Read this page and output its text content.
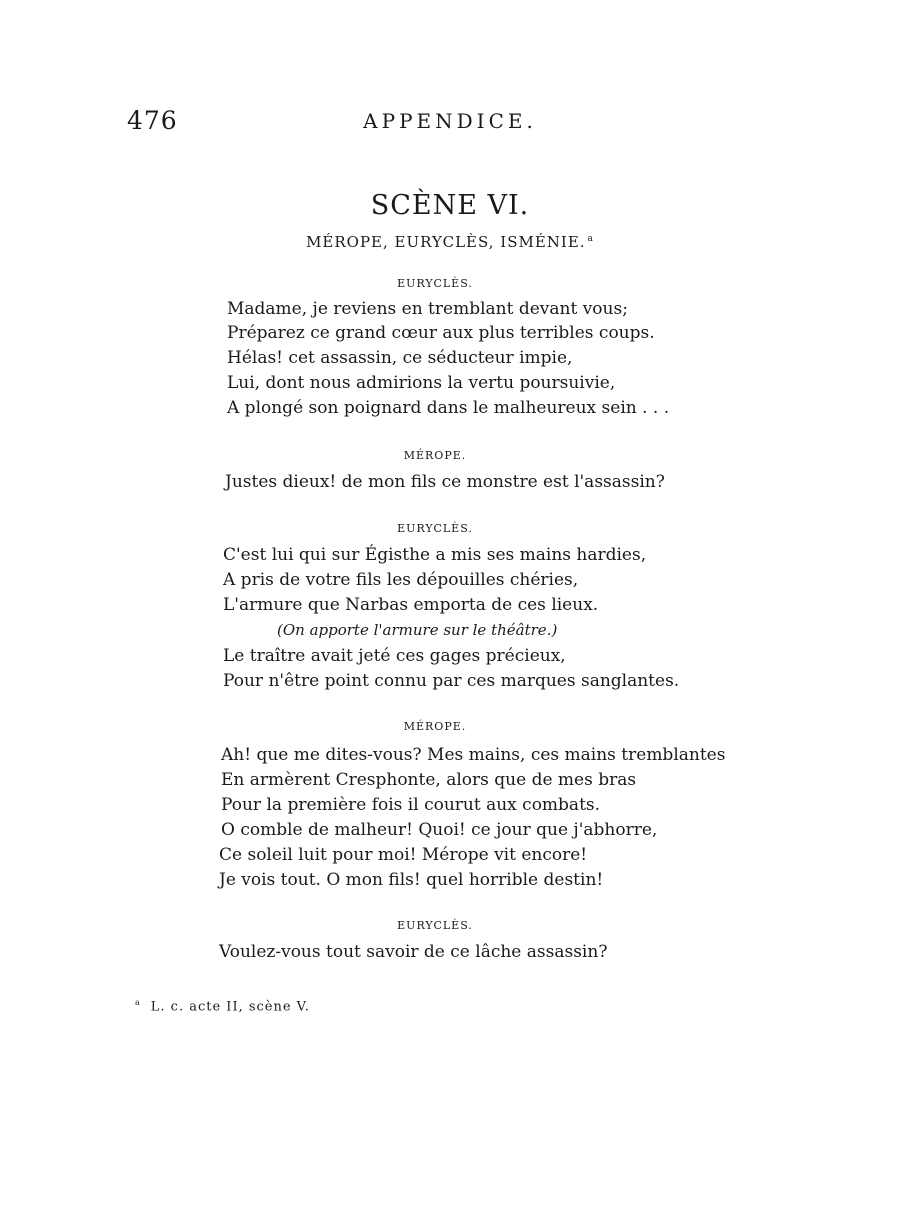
476	APPENDICE.
SCÈNE VI.
MÉROPE, EURYCLÈS, ISMÉNIE. $^a$
EURYCLÈS.
Madame, je reviens en tremblant devant vous;
Préparez ce grand cœur aux plus terribles coups.
Hélas! cet assassin, ce séducteur impie,
Lui, dont nous admirions la vertu poursuivie,
A plongé son poignard dans le malheureux sein . . .
MÉROPE.
Justes dieux! de mon fils ce monstre est l'assassin?
EURYCLÈS.
C'est lui qui sur Égisthe a mis ses mains hardies,
A pris de votre fils les dépouilles chéries,
L'armure que Narbas emporta de ces lieux.
(On apporte l'armure sur le théâtre.)
Le traître avait jeté ces gages précieux,
Pour n'être point connu par ces marques sanglantes.
MÉROPE.
Ah! que me dites-vous? Mes mains, ces mains tremblantes
En armèrent Cresphonte, alors que de mes bras
Pour la première fois il courut aux combats.
O comble de malheur! Quoi! ce jour que j'abhorre,
Ce soleil luit pour moi! Mérope vit encore!
Je vois tout. O mon fils! quel horrible destin!
EURYCLÈS.
Voulez-vous tout savoir de ce lâche assassin?
$^a$ L. c. acte II, scène V.
